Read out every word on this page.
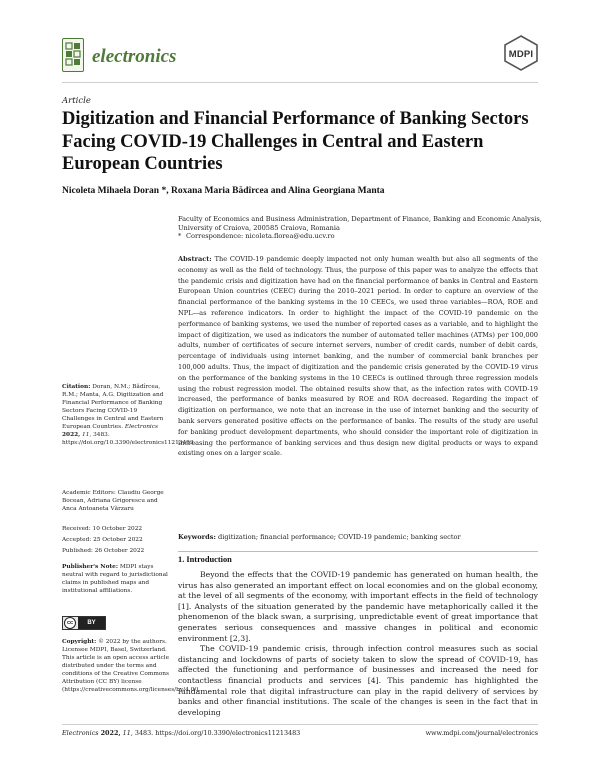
electronics	MDPI
Article
Digitization and Financial Performance of Banking Sectors Facing COVID-19 Challenges in Central and Eastern European Countries
Nicoleta Mihaela Doran *, Roxana Maria Bădîrcea and Alina Georgiana Manta
Faculty of Economics and Business Administration, Department of Finance, Banking and Economic Analysis,
University of Craiova, 200585 Craiova, Romania
* Correspondence: nicoleta.florea@edu.ucv.ro
Abstract: The COVID-19 pandemic deeply impacted not only human wealth but also all segments of the economy as well as the field of technology. Thus, the purpose of this paper was to analyze the effects that the pandemic crisis and digitization have had on the financial performance of banks in Central and Eastern European Union countries (CEEC) during the 2010–2021 period. In order to capture an overview of the financial performance of the banking systems in the 10 CEECs, we used three variables—ROA, ROE and NPL—as reference indicators. In order to highlight the impact of the COVID-19 pandemic on the performance of banking systems, we used the number of reported cases as a variable, and to highlight the impact of digitization, we used as indicators the number of automated teller machines (ATMs) per 100,000 adults, number of certificates of secure internet servers, number of credit cards, number of debit cards, percentage of individuals using internet banking, and the number of commercial bank branches per 100,000 adults. Thus, the impact of digitization and the pandemic crisis generated by the COVID-19 virus on the performance of the banking systems in the 10 CEECs is outlined through three regression models using the robust regression model. The obtained results show that, as the infection rates with COVID-19 increased, the performance of banks measured by ROE and ROA decreased. Regarding the impact of digitization on performance, we note that an increase in the use of internet banking and the security of bank servers generated positive effects on the performance of banks. The results of the study are useful for banking product development departments, who should consider the important role of digitization in increasing the performance of banking services and thus design new digital products or ways to expand existing ones on a larger scale.
Keywords: digitization; financial performance; COVID-19 pandemic; banking sector
Citation: Doran, N.M.; Bădîrcea, R.M.; Manta, A.G. Digitization and Financial Performance of Banking Sectors Facing COVID-19 Challenges in Central and Eastern European Countries. Electronics 2022, 11, 3483. https://doi.org/10.3390/electronics11213483
Academic Editors: Claudiu George Bocean, Adriana Grigorescu and Anca Antoaneta Vărzaru
Received: 10 October 2022
Accepted: 25 October 2022
Published: 26 October 2022
Publisher's Note: MDPI stays neutral with regard to jurisdictional claims in published maps and institutional affiliations.
cc	BY
Copyright: © 2022 by the authors. Licensee MDPI, Basel, Switzerland. This article is an open access article distributed under the terms and conditions of the Creative Commons Attribution (CC BY) license (https://creativecommons.org/licenses/by/4.0/).
1. Introduction

Beyond the effects that the COVID-19 pandemic has generated on human health, the virus has also generated an important effect on local economies and on the global economy, at the level of all segments of the economy, with important effects in the field of technology [1]. Analysts of the situation generated by the pandemic have metaphorically called it the phenomenon of the black swan, a surprising, unpredictable event of great importance that generates serious consequences and massive changes in political and economic environment [2,3].

The COVID-19 pandemic crisis, through infection control measures such as social distancing and lockdowns of parts of society taken to slow the spread of COVID-19, has affected the functioning and performance of businesses and increased the need for contactless financial products and services [4]. This pandemic has highlighted the fundamental role that digital infrastructure can play in the rapid delivery of services by banks and other financial institutions. The scale of the changes is seen in the fact that in developing

Electronics 2022, 11, 3483. https://doi.org/10.3390/electronics11213483	www.mdpi.com/journal/electronics
